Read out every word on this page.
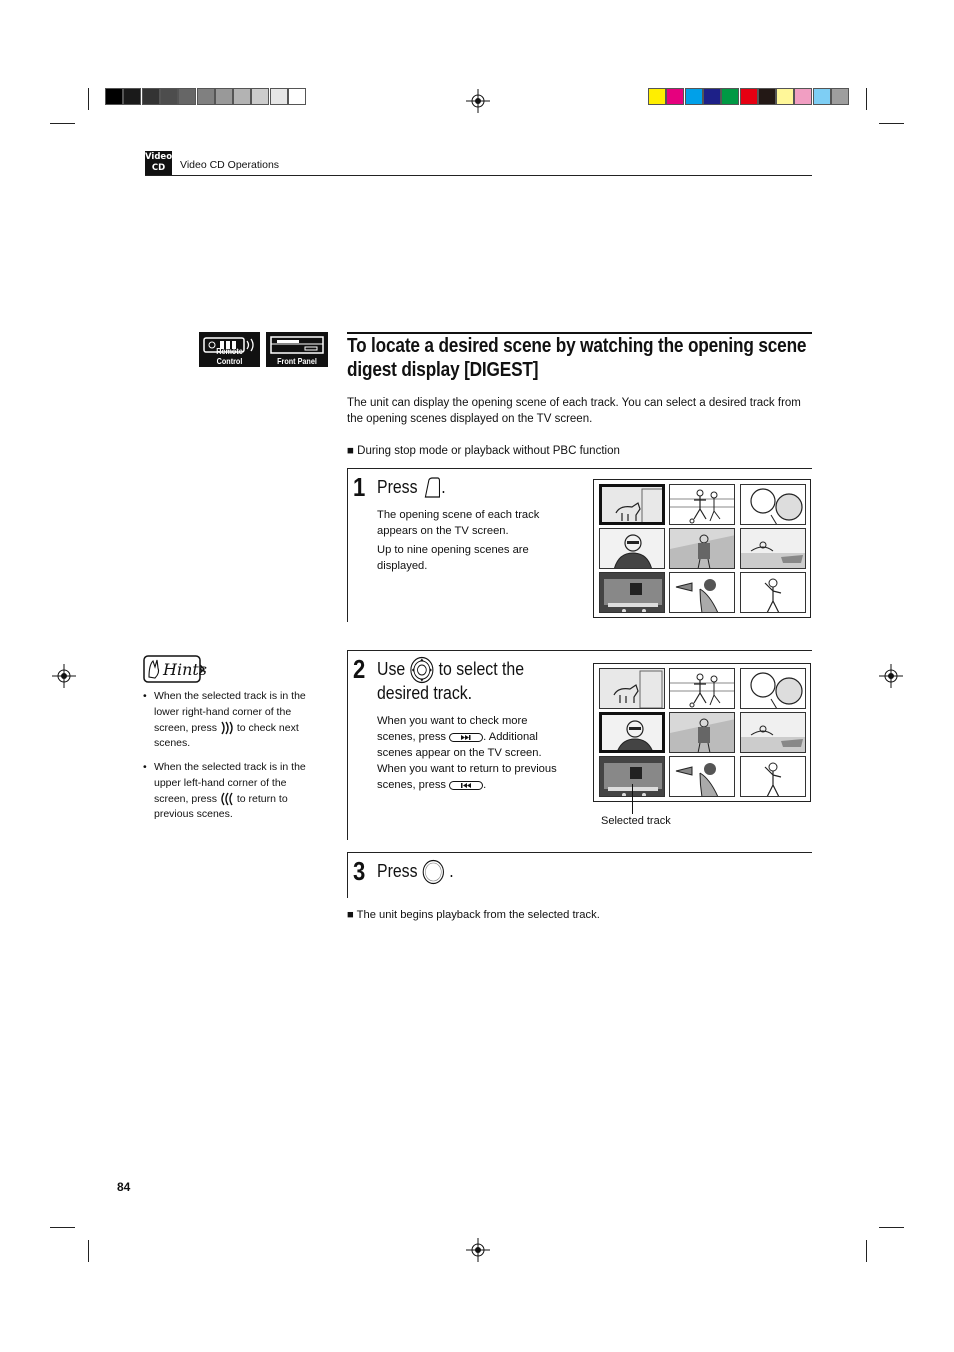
Video
CD	Video CD Operations
Remote Control	Front Panel
To locate a desired scene by watching the opening scene digest display [DIGEST]
The unit can display the opening scene of each track. You can select a desired track from the opening scenes displayed on the TV screen.
■ During stop mode or playback without PBC function
1 Press .
The opening scene of each track appears on the TV screen.
Up to nine opening scenes are displayed.
Hints
• When the selected track is in the lower right-hand corner of the screen, press to check next scenes.
• When the selected track is in the upper left-hand corner of the screen, press to return to previous scenes.
2 Use to select the
desired track.
When you want to check more scenes, press	. Additional scenes appear on the TV screen. When you want to return to previous scenes, press	.
Selected track
3 Press .
■ The unit begins playback from the selected track.
84
